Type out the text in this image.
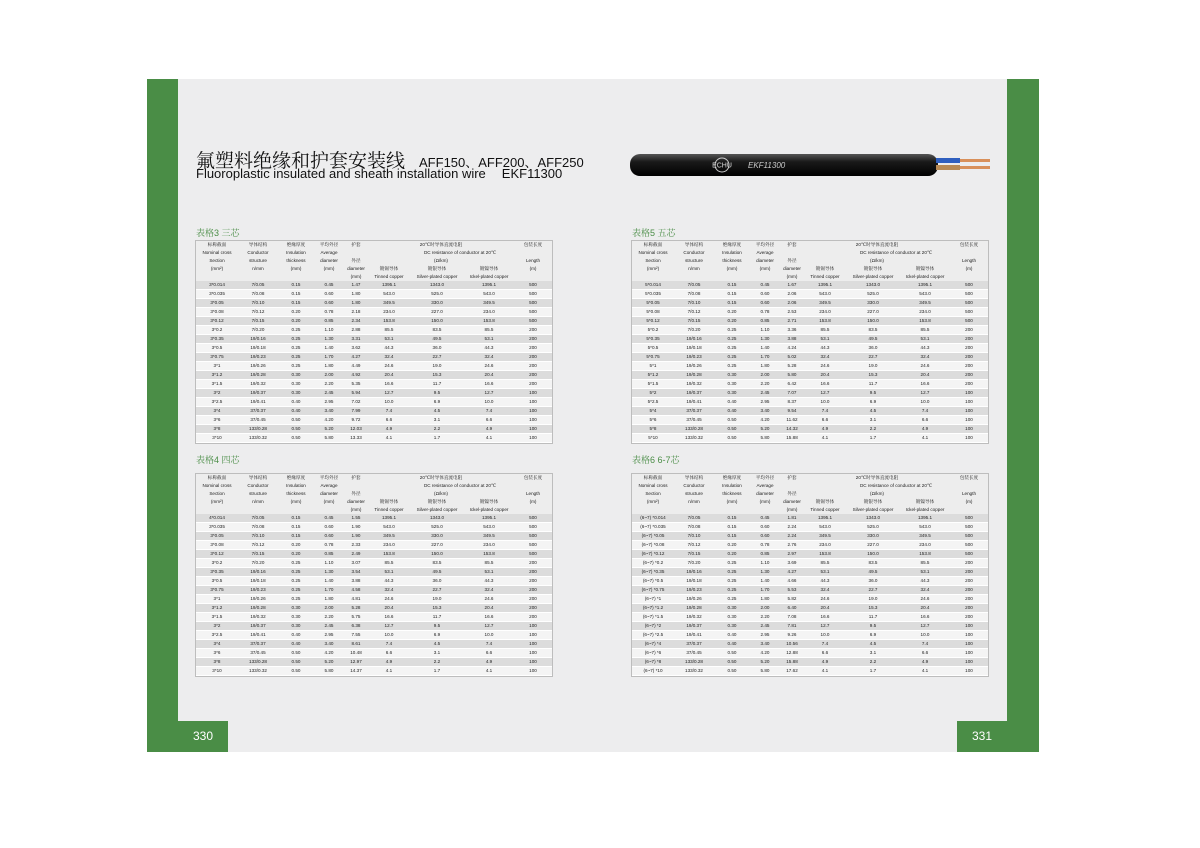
330	331
氟塑料绝缘和护套安装线 AFF150、AFF200、AFF250
Fluoroplastic insulated and sheath installation wire EKF11300	ECHU EKF11300
表格3 三芯
标称截面	导体结构	绝缘厚度	平均外径	护套	20℃时导体直流电阻			包装长度	
Nominal cross	Conductor	Insulation	Average		DC resistance of conductor at 20℃	
Section	structure	thickness	diameter	外径	(Ω/km)			Length	
(mm²)	n/mm	(mm)	(mm)	diameter	镀锡导体	镀银导体	镀镍导体	(m)	
				(mm)	Tinned copper	Silver-plated copper	Ickel-plated copper		
3*0.014	7/0.05	0.15	0.45	1.47	1395.1	1343.0	1395.1	500	
3*0.035	7/0.08	0.15	0.60	1.80	543.0	525.0	543.0	500	
3*0.05	7/0.10	0.15	0.60	1.80	349.5	330.0	349.5	500	
3*0.08	7/0.12	0.20	0.78	2.18	234.0	227.0	234.0	500	
3*0.12	7/0.15	0.20	0.85	2.34	153.8	150.0	153.8	500	
3*0.2	7/0.20	0.25	1.10	2.88	85.5	83.5	85.5	200	
3*0.35	19/0.16	0.25	1.30	3.31	53.1	49.5	53.1	200	
3*0.5	19/0.18	0.25	1.40	3.62	44.3	36.0	44.3	200	
3*0.75	19/0.23	0.25	1.70	4.27	32.4	22.7	32.4	200	
3*1	19/0.26	0.25	1.80	4.49	24.6	19.0	24.6	200	
3*1.2	19/0.28	0.30	2.00	4.92	20.4	15.3	20.4	200	
3*1.5	19/0.32	0.30	2.20	5.35	16.6	11.7	16.6	200	
3*2	19/0.37	0.30	2.45	5.94	12.7	9.5	12.7	100	
3*2.5	19/0.41	0.40	2.95	7.02	10.0	6.9	10.0	100	
3*4	37/0.37	0.40	3.40	7.99	7.4	4.5	7.4	100	
3*6	37/0.45	0.50	4.20	9.72	6.6	3.1	6.6	100	
3*8	133/0.28	0.50	5.20	12.03	4.9	2.2	4.9	100	
3*10	133/0.32	0.50	5.80	13.33	4.1	1.7	4.1	100	
表格4 四芯
标称截面	导体结构	绝缘厚度	平均外径	护套	20℃时导体直流电阻			包装长度	
Nominal cross	Conductor	Insulation	Average		DC resistance of conductor at 20℃	
Section	structure	thickness	diameter	外径	(Ω/km)			Length	
(mm²)	n/mm	(mm)	(mm)	diameter	镀锡导体	镀银导体	镀镍导体	(m)	
				(mm)	Tinned copper	Silver-plated copper	Ickel-plated copper		
4*0.014	7/0.05	0.15	0.45	1.55	1395.1	1343.0	1395.1	500	
3*0.035	7/0.08	0.15	0.60	1.90	543.0	525.0	543.0	500	
3*0.05	7/0.10	0.15	0.60	1.90	349.5	330.0	349.5	500	
3*0.08	7/0.12	0.20	0.78	2.33	234.0	227.0	234.0	500	
3*0.12	7/0.15	0.20	0.85	2.49	153.8	150.0	153.8	500	
3*0.2	7/0.20	0.25	1.10	3.07	85.5	83.5	85.5	200	
3*0.35	19/0.16	0.25	1.30	3.54	53.1	49.5	53.1	200	
3*0.5	19/0.18	0.25	1.40	3.88	44.3	36.0	44.3	200	
3*0.75	19/0.23	0.25	1.70	4.58	32.4	22.7	32.4	200	
3*1	19/0.26	0.25	1.80	4.81	24.6	19.0	24.6	200	
3*1.2	19/0.28	0.30	2.00	5.28	20.4	15.3	20.4	200	
3*1.5	19/0.32	0.30	2.20	5.75	16.6	11.7	16.6	200	
3*2	19/0.37	0.30	2.45	6.38	12.7	9.5	12.7	100	
3*2.5	19/0.41	0.40	2.95	7.55	10.0	6.9	10.0	100	
3*4	37/0.37	0.40	3.40	8.61	7.4	4.5	7.4	100	
3*6	37/0.45	0.50	4.20	10.48	6.6	3.1	6.6	100	
3*8	133/0.28	0.50	5.20	12.97	4.9	2.2	4.9	100	
3*10	133/0.32	0.50	5.80	14.37	4.1	1.7	4.1	100	
表格5 五芯
标称截面	导体结构	绝缘厚度	平均外径	护套	20℃时导体直流电阻			包装长度	
Nominal cross	Conductor	Insulation	Average		DC resistance of conductor at 20℃	
Section	structure	thickness	diameter	外径	(Ω/km)			Length	
(mm²)	n/mm	(mm)	(mm)	diameter	镀锡导体	镀银导体	镀镍导体	(m)	
				(mm)	Tinned copper	Silver-plated copper	Ickel-plated copper		
5*0.014	7/0.05	0.15	0.45	1.67	1395.1	1343.0	1395.1	500	
5*0.035	7/0.08	0.15	0.60	2.06	543.0	525.0	543.0	500	
5*0.05	7/0.10	0.15	0.60	2.06	349.5	330.0	349.5	500	
5*0.08	7/0.12	0.20	0.78	2.53	234.0	227.0	234.0	500	
5*0.12	7/0.15	0.20	0.85	2.71	153.8	150.0	153.8	500	
5*0.2	7/0.20	0.25	1.10	3.36	85.5	83.5	85.5	200	
5*0.35	19/0.16	0.25	1.30	3.88	53.1	49.5	53.1	200	
5*0.5	19/0.18	0.25	1.40	4.24	44.3	36.0	44.3	200	
5*0.75	19/0.23	0.25	1.70	5.02	32.4	22.7	32.4	200	
5*1	19/0.26	0.25	1.80	5.28	24.6	19.0	24.6	200	
5*1.2	19/0.28	0.30	2.00	5.80	20.4	15.3	20.4	200	
5*1.5	19/0.32	0.30	2.20	6.42	16.6	11.7	16.6	200	
5*2	19/0.37	0.30	2.45	7.07	12.7	9.5	12.7	100	
5*2.5	19/0.41	0.40	2.95	8.37	10.0	6.9	10.0	100	
5*4	37/0.37	0.40	3.40	9.54	7.4	4.5	7.4	100	
5*6	37/0.45	0.50	4.20	11.62	6.6	3.1	6.6	100	
5*8	133/0.28	0.50	5.20	14.32	4.9	2.2	4.9	100	
5*10	133/0.32	0.50	5.80	15.88	4.1	1.7	4.1	100	
表格6 6-7芯
标称截面	导体结构	绝缘厚度	平均外径	护套	20℃时导体直流电阻			包装长度	
Nominal cross	Conductor	Insulation	Average		DC resistance of conductor at 20℃	
Section	structure	thickness	diameter	外径	(Ω/km)			Length	
(mm²)	n/mm	(mm)	(mm)	diameter	镀锡导体	镀银导体	镀镍导体	(m)	
				(mm)	Tinned copper	Silver-plated copper	Ickel-plated copper		
(6~7) *0.014	7/0.05	0.15	0.45	1.81	1395.1	1343.0	1395.1	500	
(6~7) *0.035	7/0.08	0.15	0.60	2.24	543.0	525.0	543.0	500	
(6~7) *0.05	7/0.10	0.15	0.60	2.24	349.5	330.0	349.5	500	
(6~7) *0.08	7/0.12	0.20	0.78	2.76	234.0	227.0	234.0	500	
(6~7) *0.12	7/0.15	0.20	0.85	2.97	153.8	150.0	153.8	500	
(6~7) *0.2	7/0.20	0.25	1.10	3.69	85.5	83.5	85.5	200	
(6~7) *0.35	19/0.16	0.25	1.30	4.27	53.1	49.5	53.1	200	
(6~7) *0.5	19/0.18	0.25	1.40	4.66	44.3	36.0	44.3	200	
(6~7) *0.75	19/0.23	0.25	1.70	5.53	32.4	22.7	32.4	200	
(6~7) *1	19/0.26	0.25	1.80	5.82	24.6	19.0	24.6	200	
(6~7) *1.2	19/0.28	0.30	2.00	6.40	20.4	15.3	20.4	200	
(6~7) *1.5	19/0.32	0.30	2.20	7.08	16.6	11.7	16.6	200	
(6~7) *2	19/0.37	0.30	2.45	7.81	12.7	9.5	12.7	100	
(6~7) *2.5	19/0.41	0.40	2.95	9.26	10.0	6.9	10.0	100	
(6~7) *4	37/0.37	0.40	3.40	10.56	7.4	4.5	7.4	100	
(6~7) *6	37/0.45	0.50	4.20	12.88	6.6	3.1	6.6	100	
(6~7) *8	133/0.28	0.50	5.20	15.88	4.9	2.2	4.9	100	
(6~7) *10	133/0.32	0.50	5.80	17.62	4.1	1.7	4.1	100	
